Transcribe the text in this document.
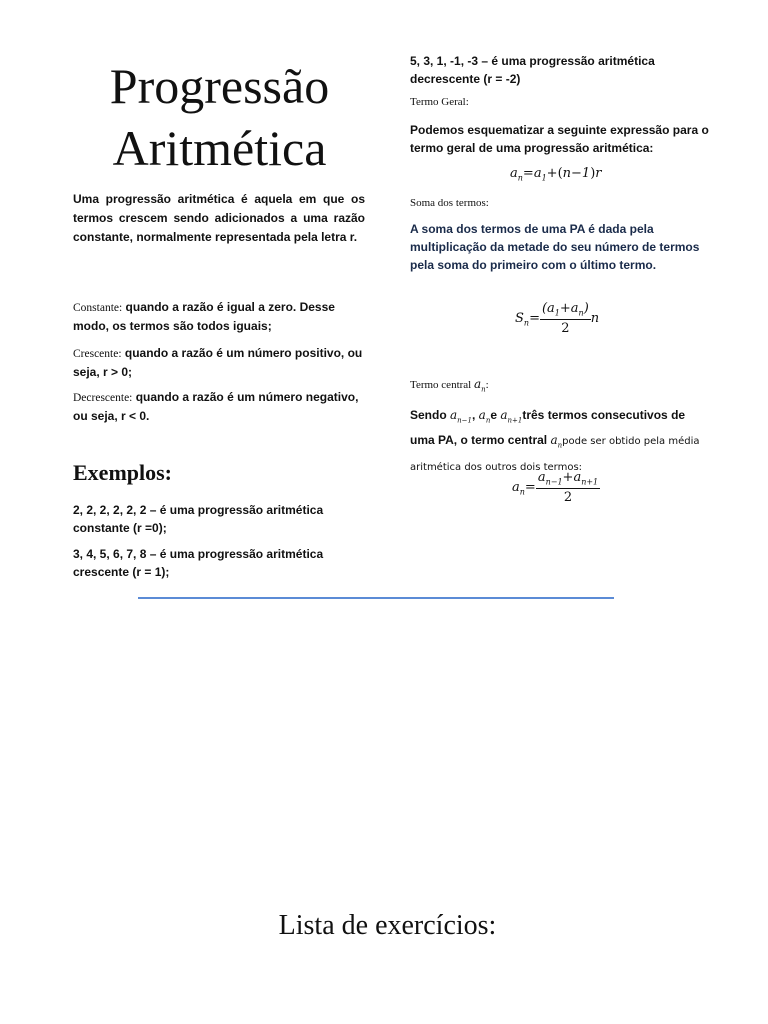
Progressão
Aritmética
Uma progressão aritmética é aquela em que os termos crescem sendo adicionados a uma razão constante, normalmente representada pela letra r.
Constante: quando a razão é igual a zero. Desse modo, os termos são todos iguais;
Crescente: quando a razão é um número positivo, ou seja, r > 0;
Decrescente: quando a razão é um número negativo, ou seja, r < 0.
Exemplos:
2, 2, 2, 2, 2, 2 – é uma progressão aritmética constante (r =0);
3, 4, 5, 6, 7, 8 – é uma progressão aritmética crescente (r = 1);
5, 3, 1, -1, -3 – é uma progressão aritmética decrescente (r = -2)
Termo Geral:
Podemos esquematizar a seguinte expressão para o termo geral de uma progressão aritmética:
$a_n=a_1+(n-1)r$
Soma dos termos:
A soma dos termos de uma PA é dada pela multiplicação da metade do seu número de termos pela soma do primeiro com o último termo.
$S_n= \frac{(a_1+a_n)}{2}$ n
Termo central $a_n$:
Sendo $a_{n-1}$, $a_ne$ $a_{n+1}três$ termos consecutivos de uma PA, o termo central $a_npode$ ser obtido pela média aritmética dos outros dois termos:
$a_n= \frac{a_{n-1}+a_{n+1}}{2}$
Lista de exercícios:
